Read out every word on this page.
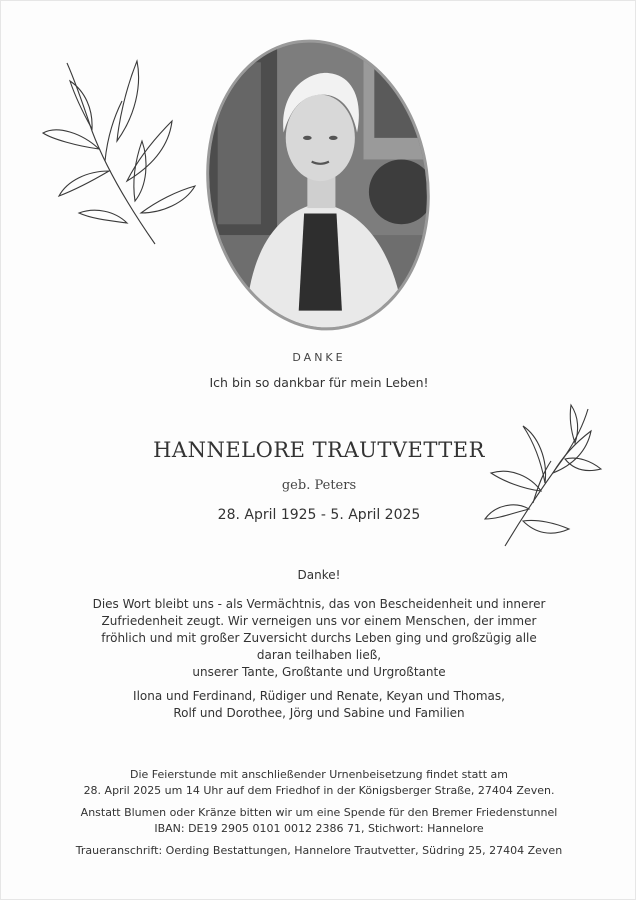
DANKE
Ich bin so dankbar für mein Leben!
HANNELORE TRAUTVETTER
geb. Peters
28. April 1925 - 5. April 2025
Danke!
Dies Wort bleibt uns - als Vermächtnis, das von Bescheidenheit und innerer
Zufriedenheit zeugt. Wir verneigen uns vor einem Menschen, der immer
fröhlich und mit großer Zuversicht durchs Leben ging und großzügig alle
daran teilhaben ließ,
unserer Tante, Großtante und Urgroßtante
Ilona und Ferdinand, Rüdiger und Renate, Keyan und Thomas,
Rolf und Dorothee, Jörg und Sabine und Familien
Die Feierstunde mit anschließender Urnenbeisetzung findet statt am
28. April 2025 um 14 Uhr auf dem Friedhof in der Königsberger Straße, 27404 Zeven.
Anstatt Blumen oder Kränze bitten wir um eine Spende für den Bremer Friedenstunnel
IBAN: DE19 2905 0101 0012 2386 71, Stichwort: Hannelore
Traueranschrift: Oerding Bestattungen, Hannelore Trautvetter, Südring 25, 27404 Zeven
